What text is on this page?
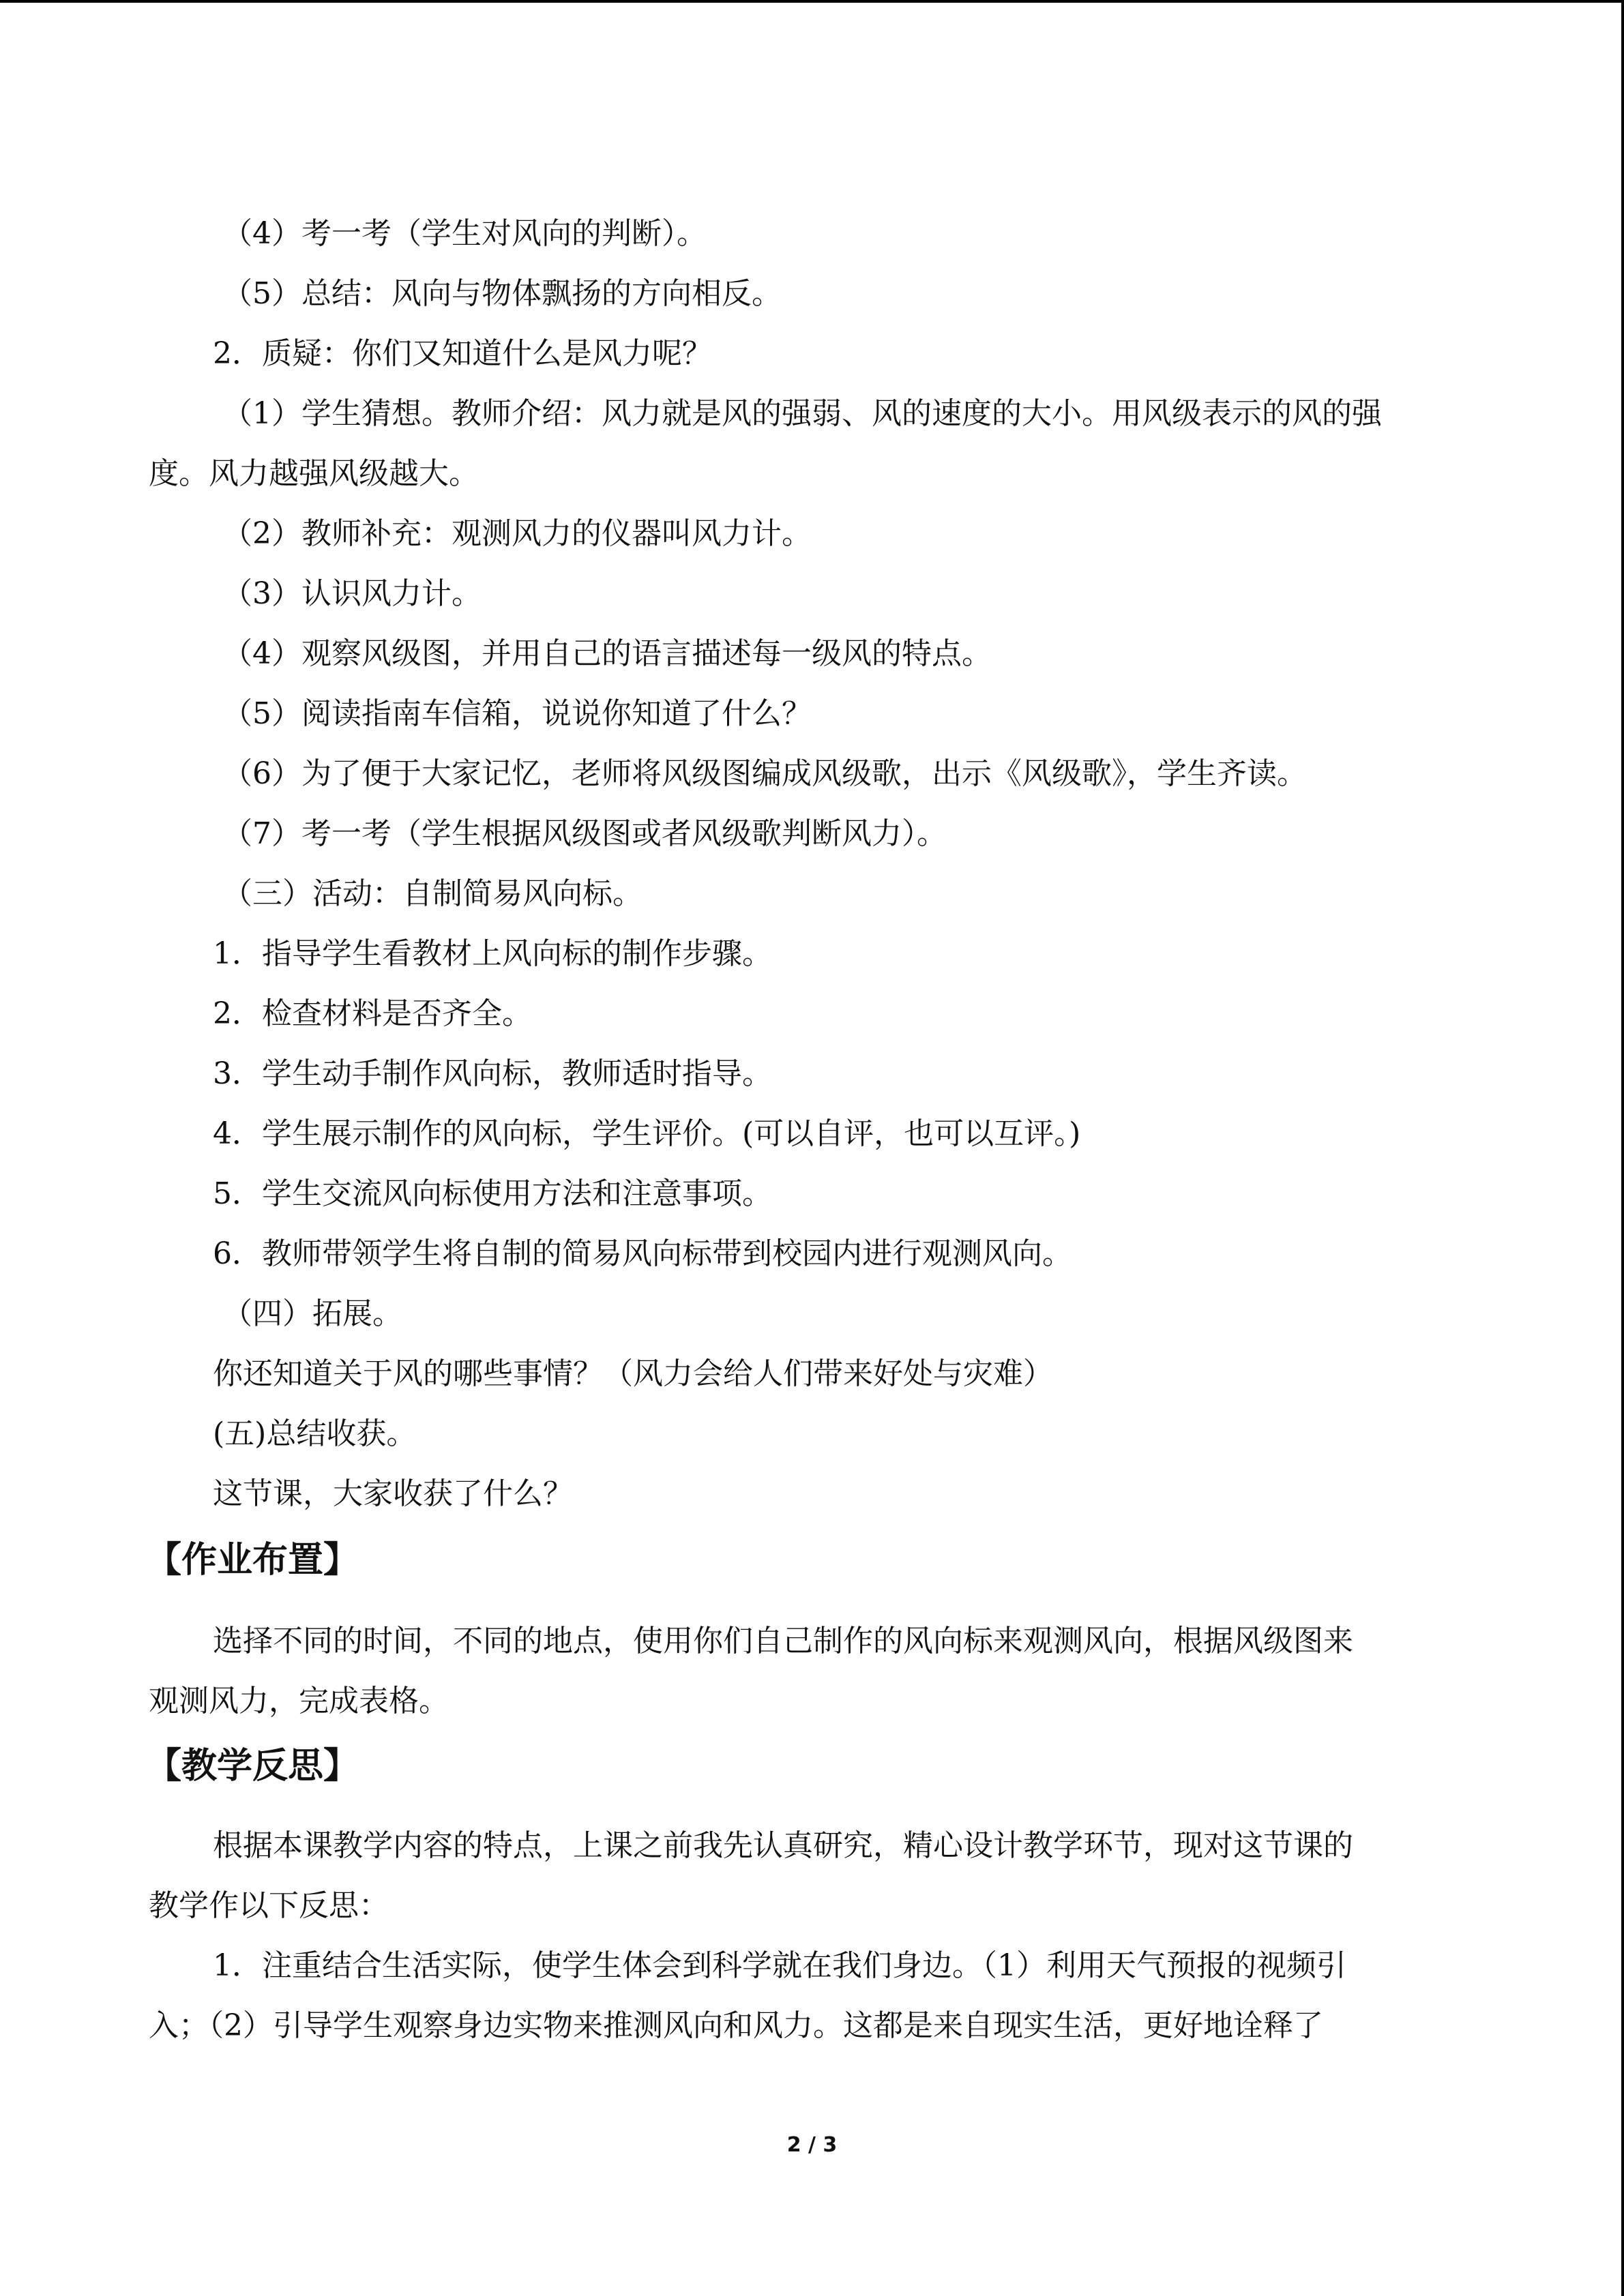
（4）考一考（学生对风向的判断）。
（5）总结：风向与物体飘扬的方向相反。
2．质疑：你们又知道什么是风力呢？
（1）学生猜想。教师介绍：风力就是风的强弱、风的速度的大小。用风级表示的风的强
度。风力越强风级越大。
（2）教师补充：观测风力的仪器叫风力计。
（3）认识风力计。
（4）观察风级图，并用自己的语言描述每一级风的特点。
（5）阅读指南车信箱，说说你知道了什么？
（6）为了便于大家记忆，老师将风级图编成风级歌，出示《风级歌》，学生齐读。
（7）考一考（学生根据风级图或者风级歌判断风力）。
（三）活动：自制简易风向标。
1．指导学生看教材上风向标的制作步骤。
2．检查材料是否齐全。
3．学生动手制作风向标，教师适时指导。
4．学生展示制作的风向标，学生评价。(可以自评，也可以互评。)
5．学生交流风向标使用方法和注意事项。
6．教师带领学生将自制的简易风向标带到校园内进行观测风向。
（四）拓展。
你还知道关于风的哪些事情？（风力会给人们带来好处与灾难）
(五)总结收获。
这节课，大家收获了什么？
【作业布置】
选择不同的时间，不同的地点，使用你们自己制作的风向标来观测风向，根据风级图来
观测风力，完成表格。
【教学反思】
根据本课教学内容的特点，上课之前我先认真研究，精心设计教学环节，现对这节课的
教学作以下反思：
1．注重结合生活实际，使学生体会到科学就在我们身边。（1）利用天气预报的视频引
入；（2）引导学生观察身边实物来推测风向和风力。这都是来自现实生活，更好地诠释了
2 / 3
